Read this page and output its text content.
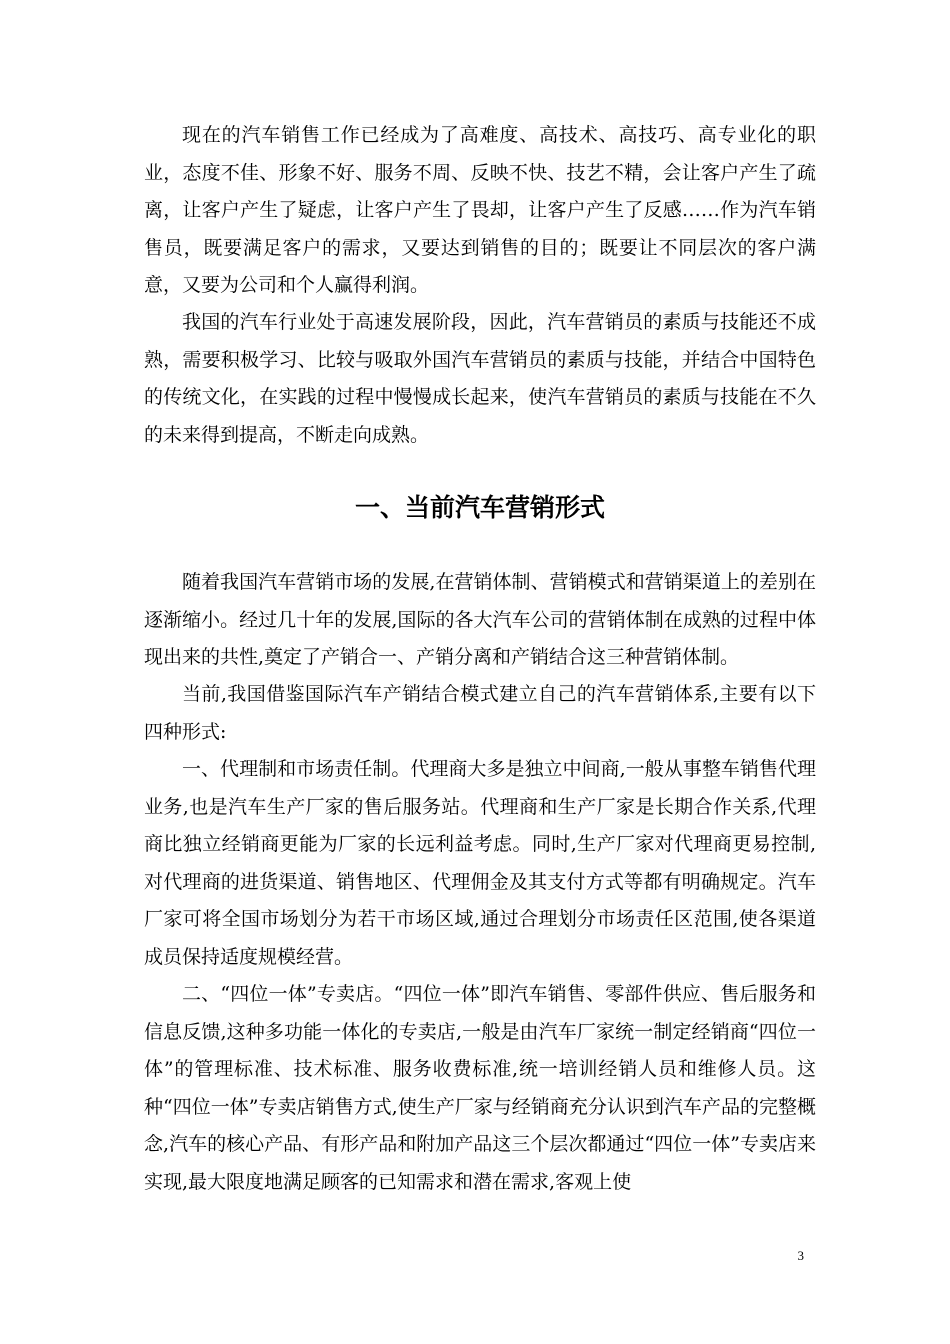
现在的汽车销售工作已经成为了高难度、高技术、高技巧、高专业化的职业，态度不佳、形象不好、服务不周、反映不快、技艺不精，会让客户产生了疏离，让客户产生了疑虑，让客户产生了畏却，让客户产生了反感……作为汽车销售员，既要满足客户的需求，又要达到销售的目的；既要让不同层次的客户满意，又要为公司和个人赢得利润。

我国的汽车行业处于高速发展阶段，因此，汽车营销员的素质与技能还不成熟，需要积极学习、比较与吸取外国汽车营销员的素质与技能，并结合中国特色的传统文化，在实践的过程中慢慢成长起来，使汽车营销员的素质与技能在不久的未来得到提高，不断走向成熟。

一、当前汽车营销形式

随着我国汽车营销市场的发展,在营销体制、营销模式和营销渠道上的差别在逐渐缩小。经过几十年的发展,国际的各大汽车公司的营销体制在成熟的过程中体现出来的共性,奠定了产销合一、产销分离和产销结合这三种营销体制。

当前,我国借鉴国际汽车产销结合模式建立自己的汽车营销体系,主要有以下四种形式:

一、代理制和市场责任制。代理商大多是独立中间商,一般从事整车销售代理业务,也是汽车生产厂家的售后服务站。代理商和生产厂家是长期合作关系,代理商比独立经销商更能为厂家的长远利益考虑。同时,生产厂家对代理商更易控制,对代理商的进货渠道、销售地区、代理佣金及其支付方式等都有明确规定。汽车厂家可将全国市场划分为若干市场区域,通过合理划分市场责任区范围,使各渠道成员保持适度规模经营。

二、“四位一体”专卖店。“四位一体”即汽车销售、零部件供应、售后服务和信息反馈,这种多功能一体化的专卖店,一般是由汽车厂家统一制定经销商“四位一体”的管理标准、技术标准、服务收费标准,统一培训经销人员和维修人员。这种“四位一体”专卖店销售方式,使生产厂家与经销商充分认识到汽车产品的完整概念,汽车的核心产品、有形产品和附加产品这三个层次都通过“四位一体”专卖店来实现,最大限度地满足顾客的已知需求和潜在需求,客观上使

3
